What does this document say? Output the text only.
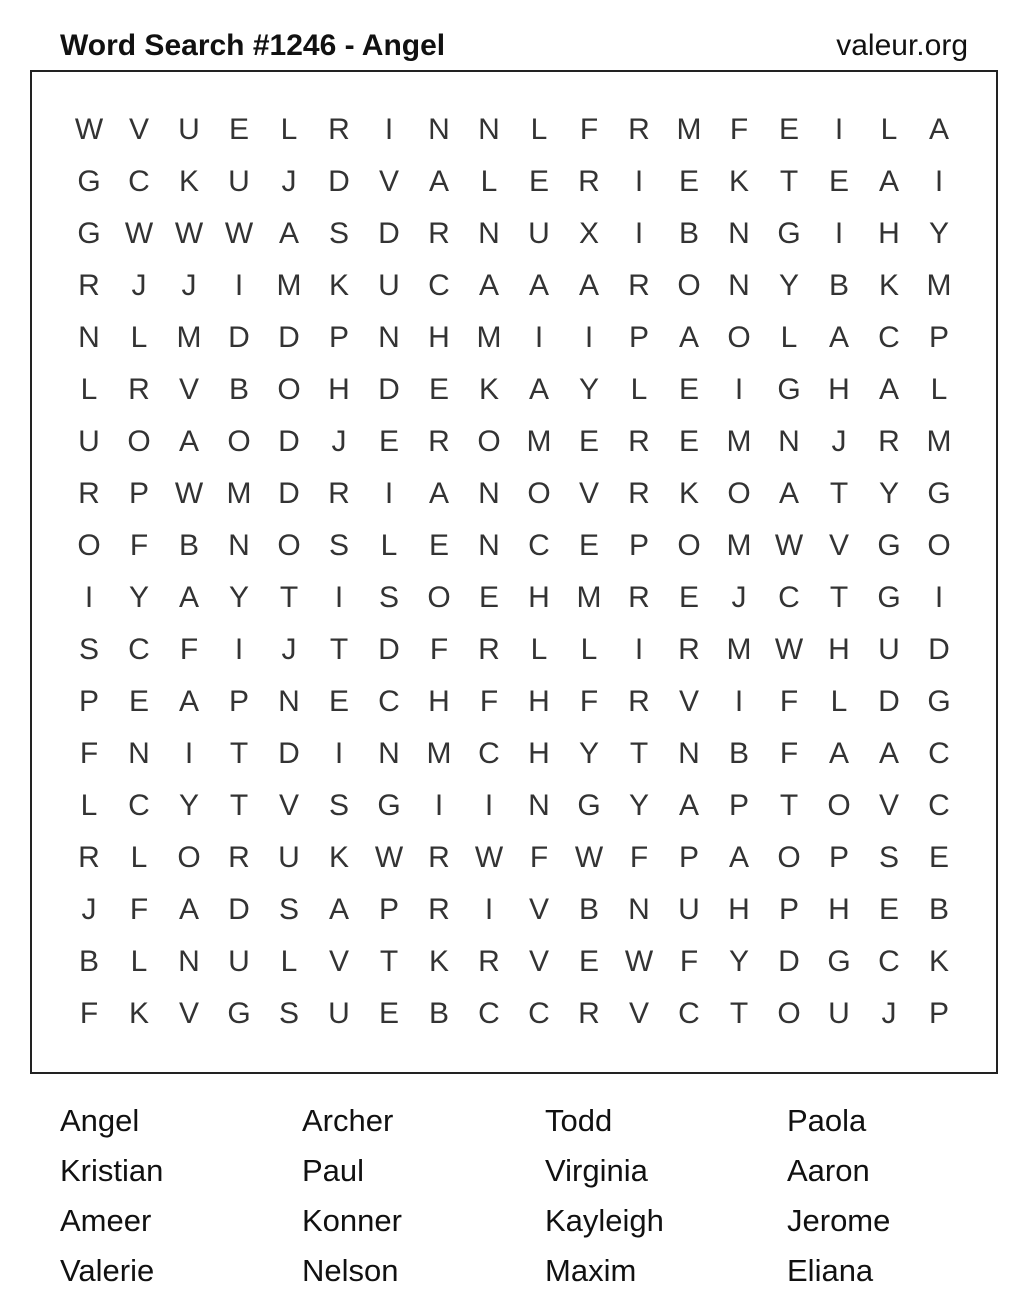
Word Search #1246 - Angel	valeur.org
W V U E	L	R	I	N N	L	F	R M F	E	I	L	A
G C K U	J	D V A	L	E R	I	E K	T	E A	I
G W W W A S D R N U X	I	B N G	I	H Y
R	J	J	I	M K U C A A A R O N Y B K M
N	L M D D P N H M	I	I	P A O L	A C P
L	R V B O H D E K A Y	L	E	I	G H A	L
U O A O D	J	E R O M E R E M N	J	R M
R P W M D R	I	A N O V R K O A	T	Y G
O F	B N O S	L	E N C E P O M W V G O
I	Y A Y	T	I	S O E H M R E	J	C	T G	I
S C	F	I	J	T	D	F	R	L	L	I	R M W H U D
P E A P N E C H	F	H	F	R V	I	F	L	D G
F	N	I	T	D	I	N M C H Y	T	N B	F	A A C
L	C Y	T	V S G	I	I	N G Y A P	T O V C
R	L O R U K W R W F W F	P A O P S E
J	F	A D S A P R	I	V B N U H P H E B
B	L	N U	L	V	T	K R V E W F	Y D G C K
F	K V G S U E B C C R V C	T O U	J	P
Angel	Archer	Todd	Paola
Kristian	Paul	Virginia	Aaron
Ameer	Konner	Kayleigh	Jerome
Valerie	Nelson	Maxim	Eliana
